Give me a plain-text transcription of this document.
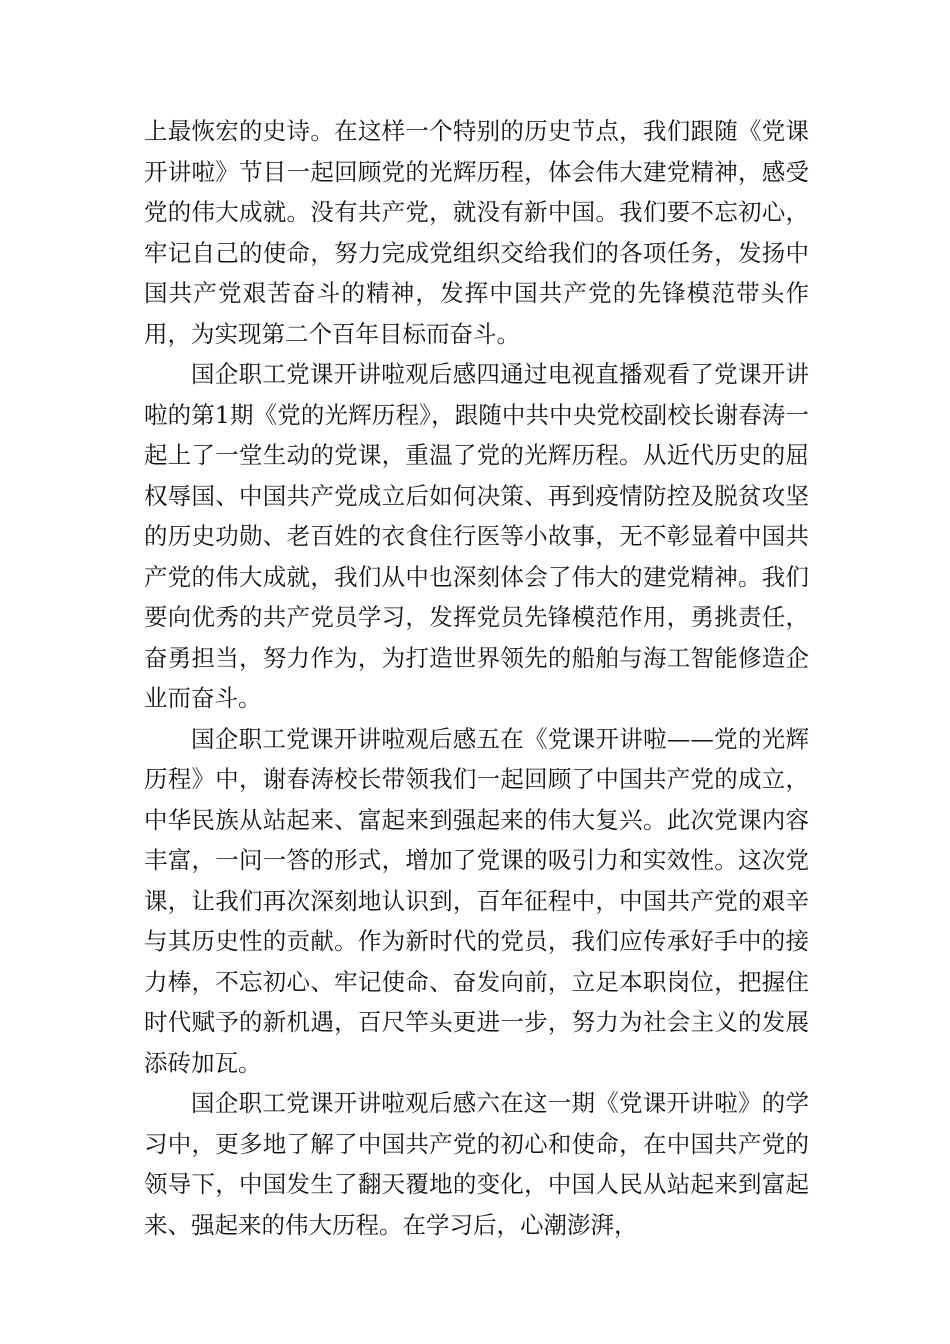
上最恢宏的史诗。在这样一个特别的历史节点，我们跟随《党课开讲啦》节目一起回顾党的光辉历程，体会伟大建党精神，感受党的伟大成就。没有共产党，就没有新中国。我们要不忘初心，牢记自己的使命，努力完成党组织交给我们的各项任务，发扬中国共产党艰苦奋斗的精神，发挥中国共产党的先锋模范带头作用，为实现第二个百年目标而奋斗。

国企职工党课开讲啦观后感四通过电视直播观看了党课开讲啦的第1期《党的光辉历程》，跟随中共中央党校副校长谢春涛一起上了一堂生动的党课，重温了党的光辉历程。从近代历史的屈权辱国、中国共产党成立后如何决策、再到疫情防控及脱贫攻坚的历史功勋、老百姓的衣食住行医等小故事，无不彰显着中国共产党的伟大成就，我们从中也深刻体会了伟大的建党精神。我们要向优秀的共产党员学习，发挥党员先锋模范作用，勇挑责任，奋勇担当，努力作为，为打造世界领先的船舶与海工智能修造企业而奋斗。

国企职工党课开讲啦观后感五在《党课开讲啦——党的光辉历程》中，谢春涛校长带领我们一起回顾了中国共产党的成立，中华民族从站起来、富起来到强起来的伟大复兴。此次党课内容丰富，一问一答的形式，增加了党课的吸引力和实效性。这次党课，让我们再次深刻地认识到，百年征程中，中国共产党的艰辛与其历史性的贡献。作为新时代的党员，我们应传承好手中的接力棒，不忘初心、牢记使命、奋发向前，立足本职岗位，把握住时代赋予的新机遇，百尺竿头更进一步，努力为社会主义的发展添砖加瓦。

国企职工党课开讲啦观后感六在这一期《党课开讲啦》的学习中，更多地了解了中国共产党的初心和使命，在中国共产党的领导下，中国发生了翻天覆地的变化，中国人民从站起来到富起来、强起来的伟大历程。在学习后，心潮澎湃，
